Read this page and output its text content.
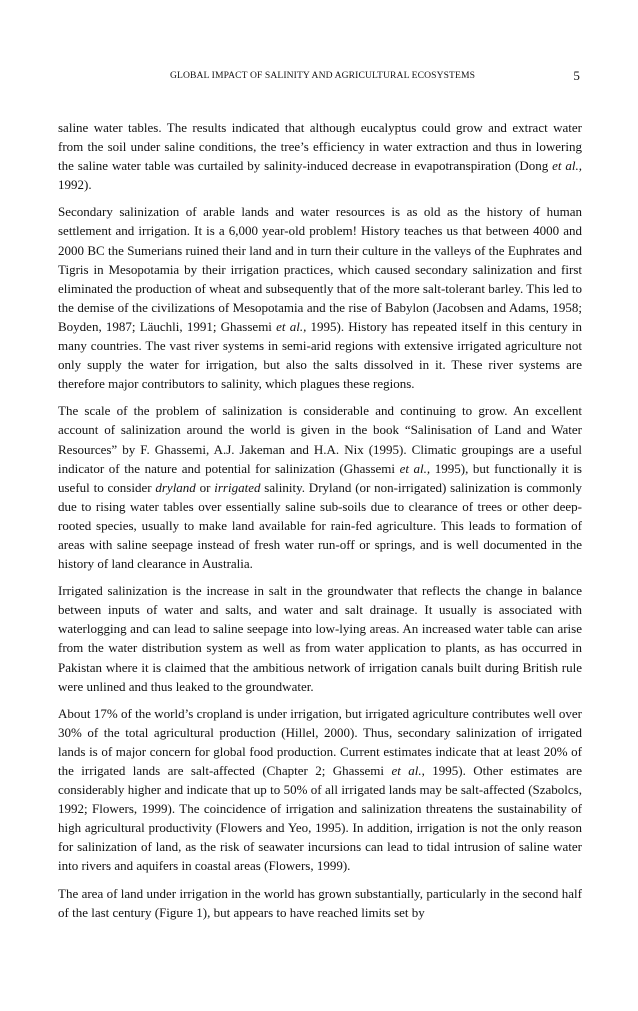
GLOBAL IMPACT OF SALINITY AND AGRICULTURAL ECOSYSTEMS	5

saline water tables. The results indicated that although eucalyptus could grow and extract water from the soil under saline conditions, the tree’s efficiency in water extraction and thus in lowering the saline water table was curtailed by salinity-induced decrease in evapotranspiration (Dong et al., 1992).

Secondary salinization of arable lands and water resources is as old as the history of human settlement and irrigation. It is a 6,000 year-old problem! History teaches us that between 4000 and 2000 BC the Sumerians ruined their land and in turn their culture in the valleys of the Euphrates and Tigris in Mesopotamia by their irrigation practices, which caused secondary salinization and first eliminated the production of wheat and subsequently that of the more salt-tolerant barley. This led to the demise of the civilizations of Mesopotamia and the rise of Babylon (Jacobsen and Adams, 1958; Boyden, 1987; Läuchli, 1991; Ghassemi et al., 1995). History has repeated itself in this century in many countries. The vast river systems in semi-arid regions with extensive irrigated agriculture not only supply the water for irrigation, but also the salts dissolved in it. These river systems are therefore major contributors to salinity, which plagues these regions.

The scale of the problem of salinization is considerable and continuing to grow. An excellent account of salinization around the world is given in the book “Salinisation of Land and Water Resources” by F. Ghassemi, A.J. Jakeman and H.A. Nix (1995). Climatic groupings are a useful indicator of the nature and potential for salinization (Ghassemi et al., 1995), but functionally it is useful to consider dryland or irrigated salinity. Dryland (or non-irrigated) salinization is commonly due to rising water tables over essentially saline sub-soils due to clearance of trees or other deep-rooted species, usually to make land available for rain-fed agriculture. This leads to formation of areas with saline seepage instead of fresh water run-off or springs, and is well documented in the history of land clearance in Australia.

Irrigated salinization is the increase in salt in the groundwater that reflects the change in balance between inputs of water and salts, and water and salt drainage. It usually is associated with waterlogging and can lead to saline seepage into low-lying areas. An increased water table can arise from the water distribution system as well as from water application to plants, as has occurred in Pakistan where it is claimed that the ambitious network of irrigation canals built during British rule were unlined and thus leaked to the groundwater.

About 17% of the world’s cropland is under irrigation, but irrigated agriculture contributes well over 30% of the total agricultural production (Hillel, 2000). Thus, secondary salinization of irrigated lands is of major concern for global food production. Current estimates indicate that at least 20% of the irrigated lands are salt-affected (Chapter 2; Ghassemi et al., 1995). Other estimates are considerably higher and indicate that up to 50% of all irrigated lands may be salt-affected (Szabolcs, 1992; Flowers, 1999). The coincidence of irrigation and salinization threatens the sustainability of high agricultural productivity (Flowers and Yeo, 1995). In addition, irrigation is not the only reason for salinization of land, as the risk of seawater incursions can lead to tidal intrusion of saline water into rivers and aquifers in coastal areas (Flowers, 1999).

The area of land under irrigation in the world has grown substantially, particularly in the second half of the last century (Figure 1), but appears to have reached limits set by
